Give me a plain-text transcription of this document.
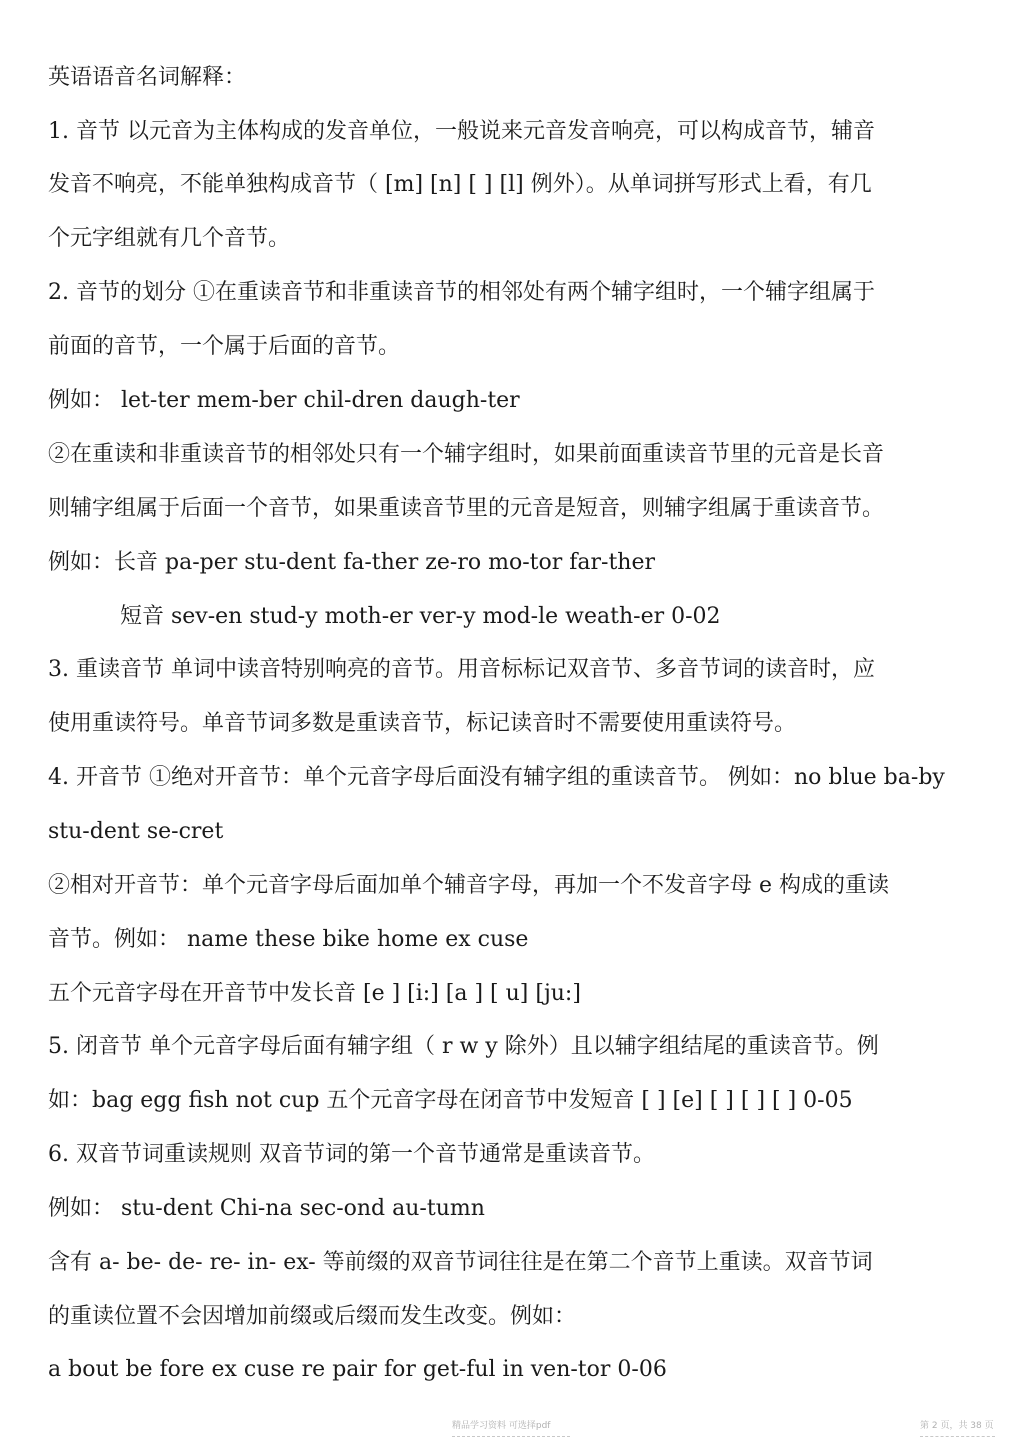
英语语音名词解释：
1. 音节 以元音为主体构成的发音单位，一般说来元音发音响亮，可以构成音节，辅音
发音不响亮，不能单独构成音节（ [m] [n] [ ] [l] 例外）。从单词拼写形式上看，有几
个元字组就有几个音节。
2. 音节的划分 ①在重读音节和非重读音节的相邻处有两个辅字组时，一个辅字组属于
前面的音节，一个属于后面的音节。
例如： let-ter mem-ber chil-dren daugh-ter
②在重读和非重读音节的相邻处只有一个辅字组时，如果前面重读音节里的元音是长音
则辅字组属于后面一个音节，如果重读音节里的元音是短音，则辅字组属于重读音节。
例如：长音 pa-per stu-dent fa-ther ze-ro mo-tor far-ther
短音 sev-en stud-y moth-er ver-y mod-le weath-er 0-02
3. 重读音节 单词中读音特别响亮的音节。用音标标记双音节、多音节词的读音时，应
使用重读符号。单音节词多数是重读音节，标记读音时不需要使用重读符号。
4. 开音节 ①绝对开音节：单个元音字母后面没有辅字组的重读音节。 例如：no blue ba-by
stu-dent se-cret
②相对开音节：单个元音字母后面加单个辅音字母，再加一个不发音字母 e 构成的重读
音节。例如： name these bike home ex cuse
五个元音字母在开音节中发长音 [e ] [i:] [a ] [ u] [ju:]
5. 闭音节 单个元音字母后面有辅字组（ r w y 除外）且以辅字组结尾的重读音节。例
如：bag egg fish not cup 五个元音字母在闭音节中发短音 [ ] [e] [ ] [ ] [ ] 0-05
6. 双音节词重读规则 双音节词的第一个音节通常是重读音节。
例如： stu-dent Chi-na sec-ond au-tumn
含有 a- be- de- re- in- ex- 等前缀的双音节词往往是在第二个音节上重读。双音节词
的重读位置不会因增加前缀或后缀而发生改变。例如：
a bout be fore ex cuse re pair for get-ful in ven-tor 0-06
精品学习资料 可选择pdf	第 2 页，共 38 页
